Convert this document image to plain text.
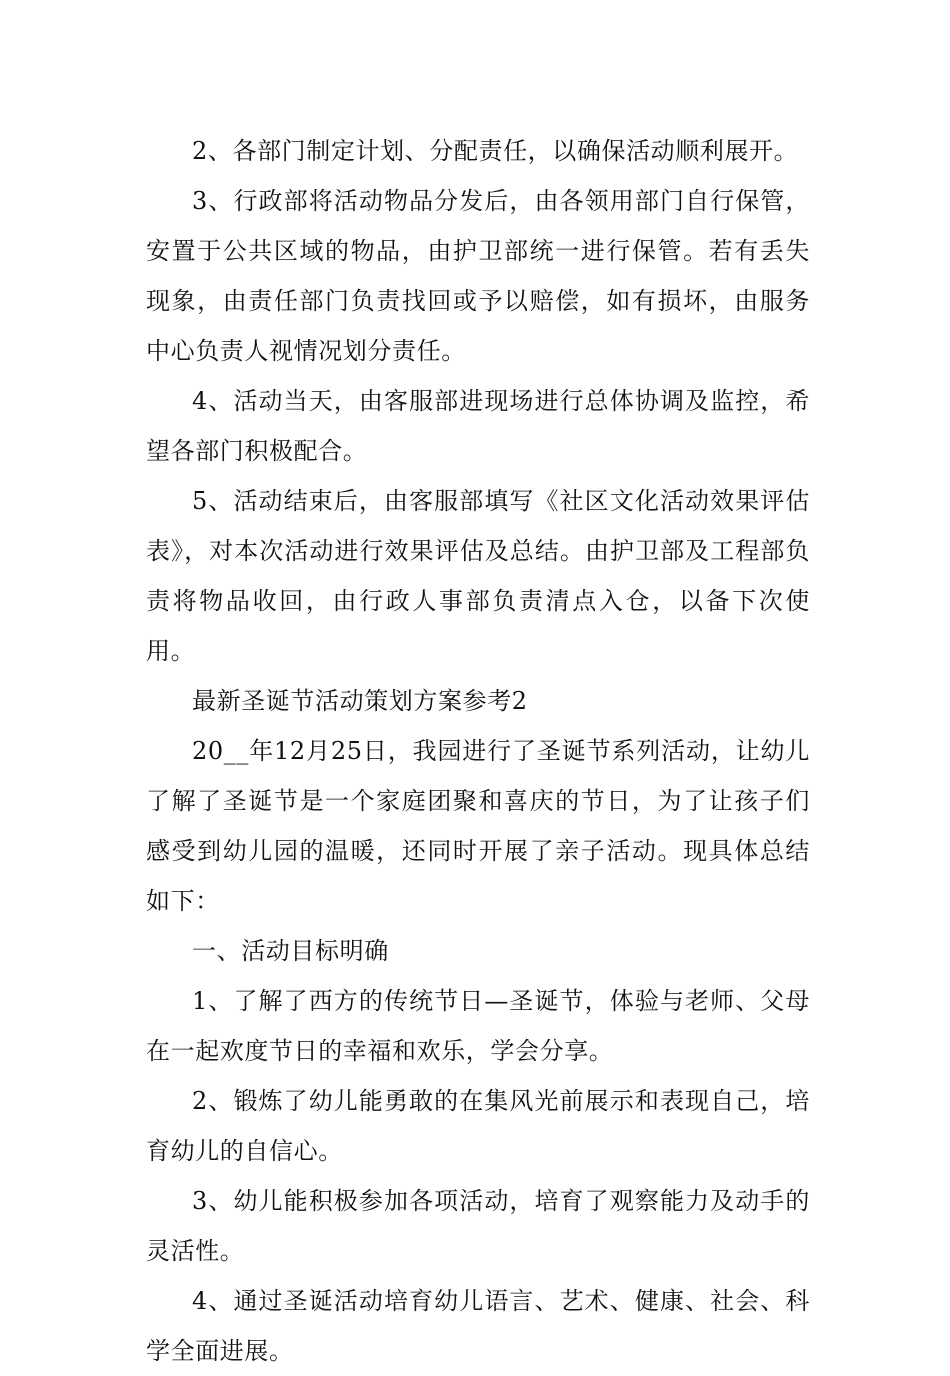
2、各部门制定计划、分配责任，以确保活动顺利展开。

3、行政部将活动物品分发后，由各领用部门自行保管，安置于公共区域的物品，由护卫部统一进行保管。若有丢失现象，由责任部门负责找回或予以赔偿，如有损坏，由服务中心负责人视情况划分责任。

4、活动当天，由客服部进现场进行总体协调及监控，希望各部门积极配合。

5、活动结束后，由客服部填写《社区文化活动效果评估表》，对本次活动进行效果评估及总结。由护卫部及工程部负责将物品收回，由行政人事部负责清点入仓，以备下次使用。

最新圣诞节活动策划方案参考2

20__年12月25日，我园进行了圣诞节系列活动，让幼儿了解了圣诞节是一个家庭团聚和喜庆的节日，为了让孩子们感受到幼儿园的温暖，还同时开展了亲子活动。现具体总结如下：

一、活动目标明确

1、了解了西方的传统节日—圣诞节，体验与老师、父母在一起欢度节日的幸福和欢乐，学会分享。

2、锻炼了幼儿能勇敢的在集风光前展示和表现自己，培育幼儿的自信心。

3、幼儿能积极参加各项活动，培育了观察能力及动手的灵活性。

4、通过圣诞活动培育幼儿语言、艺术、健康、社会、科学全面进展。
